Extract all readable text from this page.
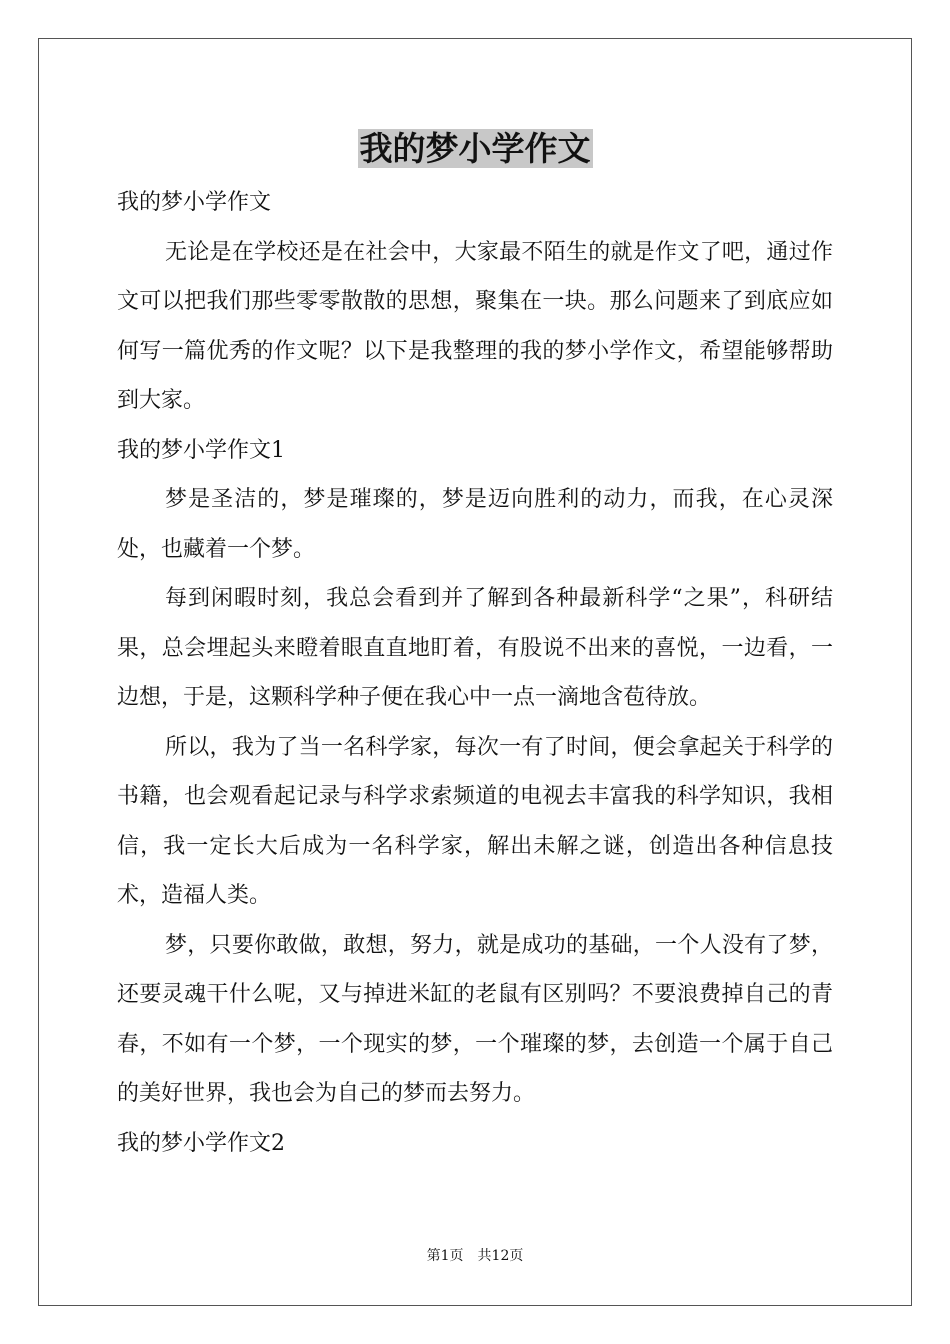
我的梦小学作文

我的梦小学作文

无论是在学校还是在社会中，大家最不陌生的就是作文了吧，通过作文可以把我们那些零零散散的思想，聚集在一块。那么问题来了到底应如何写一篇优秀的作文呢？以下是我整理的我的梦小学作文，希望能够帮助到大家。

我的梦小学作文1

梦是圣洁的，梦是璀璨的，梦是迈向胜利的动力，而我，在心灵深处，也藏着一个梦。

每到闲暇时刻，我总会看到并了解到各种最新科学“之果”，科研结果，总会埋起头来瞪着眼直直地盯着，有股说不出来的喜悦，一边看，一边想，于是，这颗科学种子便在我心中一点一滴地含苞待放。

所以，我为了当一名科学家，每次一有了时间，便会拿起关于科学的书籍，也会观看起记录与科学求索频道的电视去丰富我的科学知识，我相信，我一定长大后成为一名科学家，解出未解之谜，创造出各种信息技术，造福人类。

梦，只要你敢做，敢想，努力，就是成功的基础，一个人没有了梦，还要灵魂干什么呢，又与掉进米缸的老鼠有区别吗？不要浪费掉自己的青春，不如有一个梦，一个现实的梦，一个璀璨的梦，去创造一个属于自己的美好世界，我也会为自己的梦而去努力。

我的梦小学作文2

第1页　共12页
